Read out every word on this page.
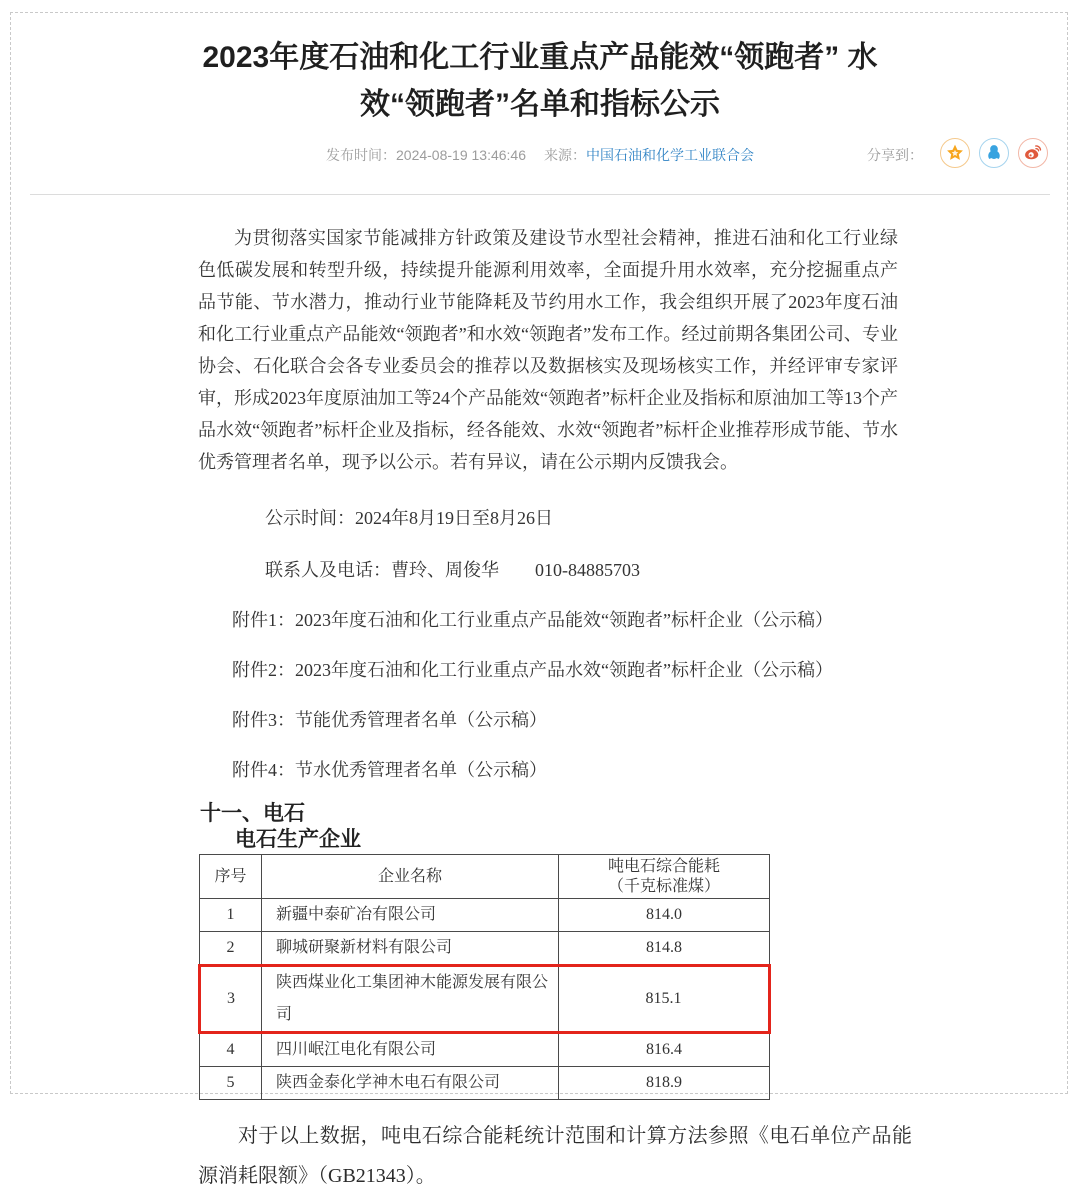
2023年度石油和化工行业重点产品能效“领跑者” 水
效“领跑者”名单和指标公示
发布时间：2024-08-19 13:46:46 来源：中国石油和化学工业联合会	分享到：

为贯彻落实国家节能减排方针政策及建设节水型社会精神，推进石油和化工行业绿色低碳发展和转型升级，持续提升能源利用效率，全面提升用水效率，充分挖掘重点产品节能、节水潜力，推动行业节能降耗及节约用水工作，我会组织开展了2023年度石油和化工行业重点产品能效“领跑者”和水效“领跑者”发布工作。经过前期各集团公司、专业协会、石化联合会各专业委员会的推荐以及数据核实及现场核实工作，并经评审专家评审，形成2023年度原油加工等24个产品能效“领跑者”标杆企业及指标和原油加工等13个产品水效“领跑者”标杆企业及指标，经各能效、水效“领跑者”标杆企业推荐形成节能、节水优秀管理者名单，现予以公示。若有异议，请在公示期内反馈我会。

公示时间：2024年8月19日至8月26日

联系人及电话：曹玲、周俊华　　010-84885703

附件1：2023年度石油和化工行业重点产品能效“领跑者”标杆企业（公示稿）

附件2：2023年度石油和化工行业重点产品水效“领跑者”标杆企业（公示稿）

附件3：节能优秀管理者名单（公示稿）

附件4：节水优秀管理者名单（公示稿）

十一、电石
电石生产企业
序号	企业名称	吨电石综合能耗
（千克标准煤）
1	新疆中泰矿冶有限公司	814.0
2	聊城研聚新材料有限公司	814.8
3	陕西煤业化工集团神木能源发展有限公司	815.1
4	四川岷江电化有限公司	816.4
5	陕西金泰化学神木电石有限公司	818.9

对于以上数据，吨电石综合能耗统计范围和计算方法参照《电石单位产品能源消耗限额》（GB21343）。
